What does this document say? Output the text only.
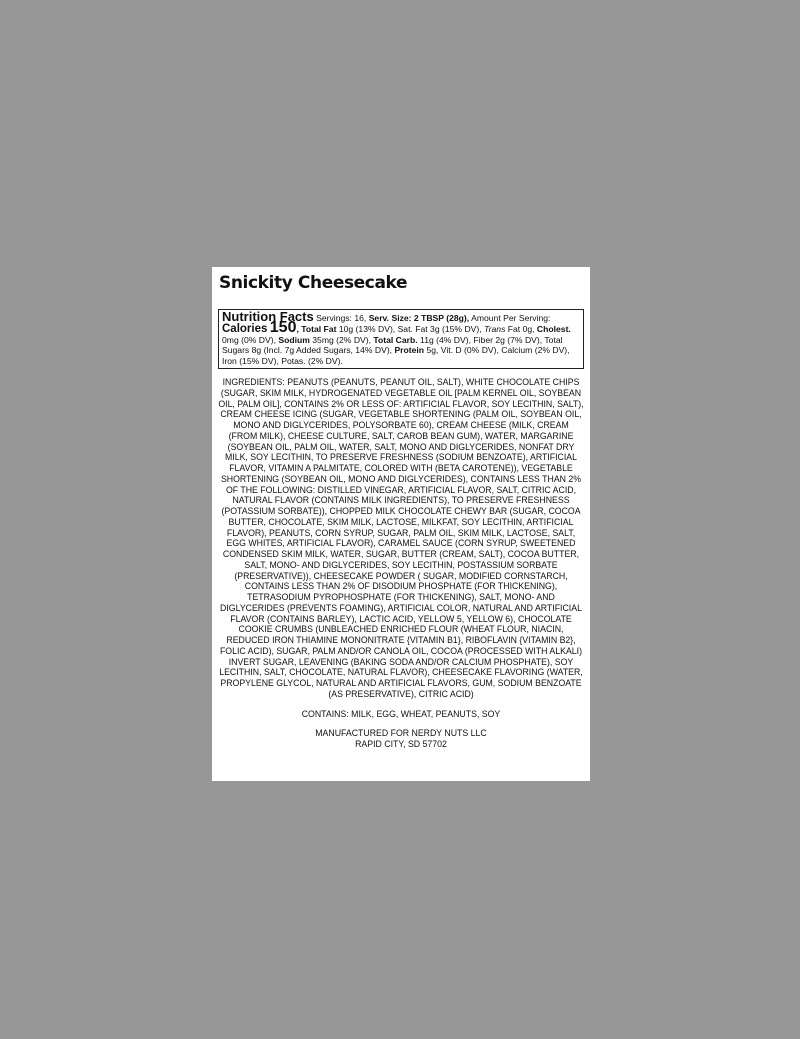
Snickity Cheesecake
Nutrition Facts Servings: 16, Serv. Size: 2 TBSP (28g), Amount Per Serving: Calories 150, Total Fat 10g (13% DV), Sat. Fat 3g (15% DV), Trans Fat 0g, Cholest. 0mg (0% DV), Sodium 35mg (2% DV), Total Carb. 11g (4% DV), Fiber 2g (7% DV), Total Sugars 8g (Incl. 7g Added Sugars, 14% DV), Protein 5g, Vit. D (0% DV), Calcium (2% DV), Iron (15% DV), Potas. (2% DV).
INGREDIENTS: PEANUTS (PEANUTS, PEANUT OIL, SALT), WHITE CHOCOLATE CHIPS (SUGAR, SKIM MILK, HYDROGENATED VEGETABLE OIL [PALM KERNEL OIL, SOYBEAN OIL, PALM OIL], CONTAINS 2% OR LESS OF: ARTIFICIAL FLAVOR, SOY LECITHIN, SALT), CREAM CHEESE ICING (SUGAR, VEGETABLE SHORTENING (PALM OIL, SOYBEAN OIL, MONO AND DIGLYCERIDES, POLYSORBATE 60), CREAM CHEESE (MILK, CREAM (FROM MILK), CHEESE CULTURE, SALT, CAROB BEAN GUM), WATER, MARGARINE (SOYBEAN OIL, PALM OIL, WATER, SALT, MONO AND DIGLYCERIDES, NONFAT DRY MILK, SOY LECITHIN, TO PRESERVE FRESHNESS (SODIUM BENZOATE), ARTIFICIAL FLAVOR, VITAMIN A PALMITATE, COLORED WITH (BETA CAROTENE)), VEGETABLE SHORTENING (SOYBEAN OIL, MONO AND DIGLYCERIDES), CONTAINS LESS THAN 2% OF THE FOLLOWING: DISTILLED VINEGAR, ARTIFICIAL FLAVOR, SALT, CITRIC ACID, NATURAL FLAVOR (CONTAINS MILK INGREDIENTS), TO PRESERVE FRESHNESS (POTASSIUM SORBATE)), CHOPPED MILK CHOCOLATE CHEWY BAR (SUGAR, COCOA BUTTER, CHOCOLATE, SKIM MILK, LACTOSE, MILKFAT, SOY LECITHIN, ARTIFICIAL FLAVOR), PEANUTS, CORN SYRUP, SUGAR, PALM OIL, SKIM MILK, LACTOSE, SALT, EGG WHITES, ARTIFICIAL FLAVOR), CARAMEL SAUCE (CORN SYRUP, SWEETENED CONDENSED SKIM MILK, WATER, SUGAR, BUTTER (CREAM, SALT), COCOA BUTTER, SALT, MONO- AND DIGLYCERIDES, SOY LECITHIN, POSTASSIUM SORBATE (PRESERVATIVE)), CHEESECAKE POWDER ( SUGAR, MODIFIED CORNSTARCH, CONTAINS LESS THAN 2% OF DISODIUM PHOSPHATE (FOR THICKENING), TETRASODIUM PYROPHOSPHATE (FOR THICKENING), SALT, MONO- AND DIGLYCERIDES (PREVENTS FOAMING), ARTIFICIAL COLOR, NATURAL AND ARTIFICIAL FLAVOR (CONTAINS BARLEY), LACTIC ACID, YELLOW 5, YELLOW 6), CHOCOLATE COOKIE CRUMBS (UNBLEACHED ENRICHED FLOUR (WHEAT FLOUR, NIACIN, REDUCED IRON THIAMINE MONONITRATE {VITAMIN B1}, RIBOFLAVIN {VITAMIN B2}, FOLIC ACID), SUGAR, PALM AND/OR CANOLA OIL, COCOA (PROCESSED WITH ALKALI) INVERT SUGAR, LEAVENING (BAKING SODA AND/OR CALCIUM PHOSPHATE), SOY LECITHIN, SALT, CHOCOLATE, NATURAL FLAVOR), CHEESECAKE FLAVORING (WATER, PROPYLENE GLYCOL, NATURAL AND ARTIFICIAL FLAVORS, GUM, SODIUM BENZOATE (AS PRESERVATIVE), CITRIC ACID)
CONTAINS: MILK, EGG, WHEAT, PEANUTS, SOY
MANUFACTURED FOR NERDY NUTS LLC
RAPID CITY, SD 57702
